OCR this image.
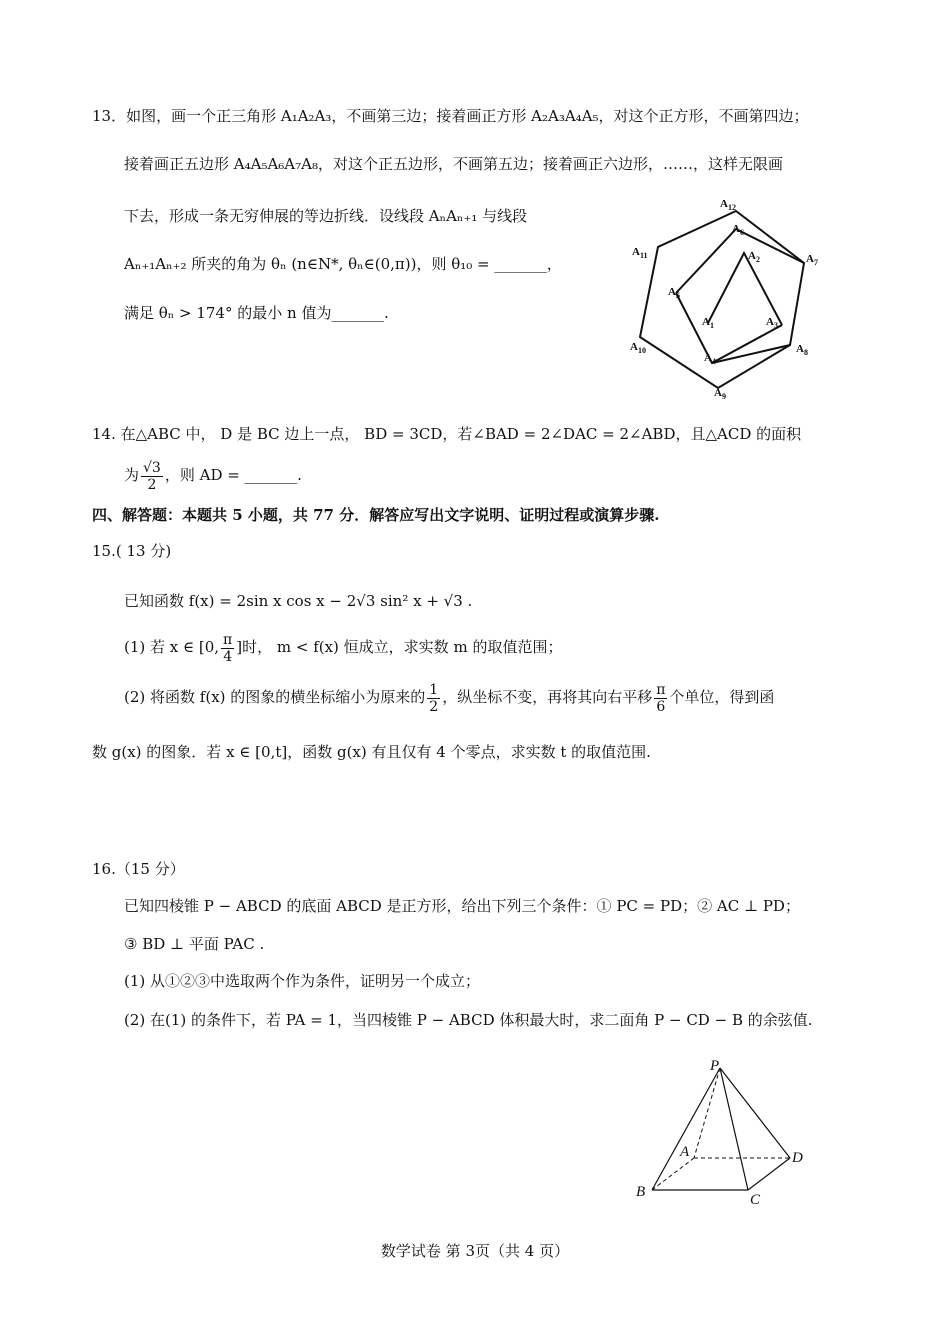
13．如图，画一个正三角形 A₁A₂A₃，不画第三边；接着画正方形 A₂A₃A₄A₅，对这个正方形，不画第四边；
接着画正五边形 A₄A₅A₆A₇A₈，对这个正五边形，不画第五边；接着画正六边形，……，这样无限画
下去，形成一条无穷伸展的等边折线．设线段 AₙAₙ₊₁ 与线段
Aₙ₊₁Aₙ₊₂ 所夹的角为 θₙ (n∈N*, θₙ∈(0,π))，则 θ₁₀ = _______，
满足 θₙ > 174° 的最小 n 值为_______.
$A_{12}$
$A_6$
$A_{11}$	$A_2$	$A_7$
$A_5$
$A_1$	$A_3$
$A_{10}$
$A_4$
$A_8$
$A_9$
14. 在△ABC 中， D 是 BC 边上一点， BD = 3CD，若∠BAD = 2∠DAC = 2∠ABD，且△ACD 的面积
为 $\frac{√3}{2}$ ，则 AD = _______.
四、解答题：本题共 5 小题，共 77 分．解答应写出文字说明、证明过程或演算步骤.
15.( 13 分)
已知函数 f(x) = 2sin x cos x − 2√3 sin² x + √3 .
(1) 若 x ∈ [0, $\frac{\pi}{4}$ ]时， m < f(x) 恒成立，求实数 m 的取值范围；
(2) 将函数 f(x) 的图象的横坐标缩小为原来的 $\frac{1}{2}$ ，纵坐标不变，再将其向右平移 $\frac{\pi}{6}$ 个单位，得到函
数 g(x) 的图象．若 x ∈ [0,t]，函数 g(x) 有且仅有 4 个零点，求实数 t 的取值范围.
16.（15 分）
已知四棱锥 P − ABCD 的底面 ABCD 是正方形，给出下列三个条件：① PC = PD；② AC ⊥ PD；
③ BD ⊥ 平面 PAC .
(1) 从①②③中选取两个作为条件，证明另一个成立；
(2) 在(1) 的条件下，若 PA = 1，当四棱锥 P − ABCD 体积最大时，求二面角 P − CD − B 的余弦值.
P
A	D
B	C
数学试卷 第 3页（共 4 页）
